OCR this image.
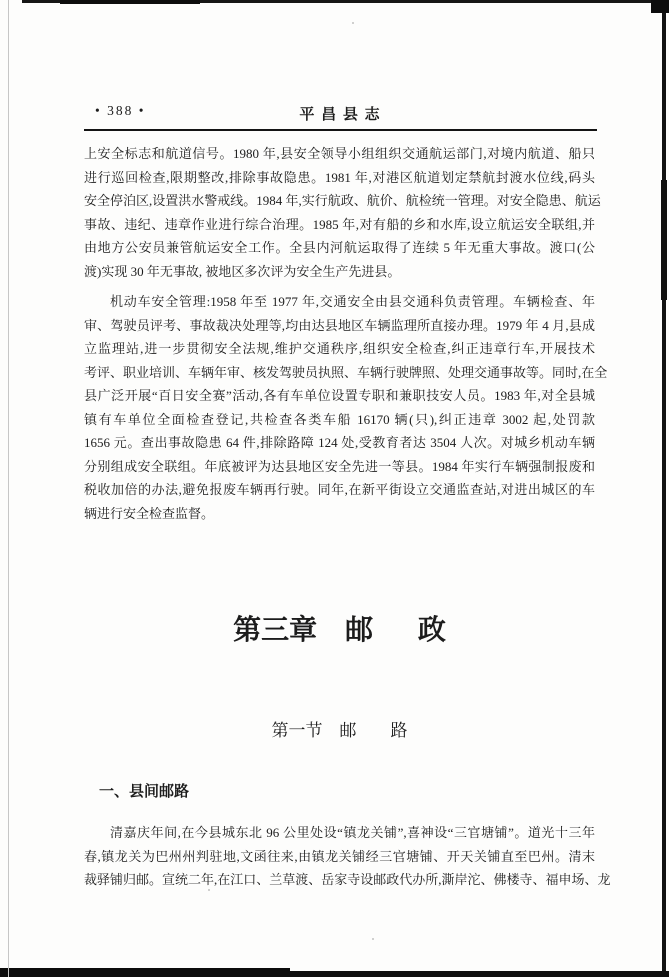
• 388 •	平昌县志
上安全标志和航道信号。1980 年,县安全领导小组组织交通航运部门,对境内航道、船只
进行巡回检查,限期整改,排除事故隐患。1981 年,对港区航道划定禁航封渡水位线,码头
安全停泊区,设置洪水警戒线。1984 年,实行航政、航价、航检统一管理。对安全隐患、航运
事故、违纪、违章作业进行综合治理。1985 年,对有船的乡和水库,设立航运安全联组,并
由地方公安员兼管航运安全工作。全县内河航运取得了连续 5 年无重大事故。渡口(公
渡)实现 30 年无事故, 被地区多次评为安全生产先进县。
机动车安全管理:1958 年至 1977 年,交通安全由县交通科负责管理。车辆检查、年
审、驾驶员评考、事故裁决处理等,均由达县地区车辆监理所直接办理。1979 年 4 月,县成
立监理站,进一步贯彻安全法规,维护交通秩序,组织安全检查,纠正违章行车,开展技术
考评、职业培训、车辆年审、核发驾驶员执照、车辆行驶牌照、处理交通事故等。同时,在全
县广泛开展“百日安全赛”活动,各有车单位设置专职和兼职技安人员。1983 年,对全县城
镇有车单位全面检查登记,共检查各类车船 16170 辆(只),纠正违章 3002 起,处罚款
1656 元。查出事故隐患 64 件,排除路障 124 处,受教育者达 3504 人次。对城乡机动车辆
分别组成安全联组。年底被评为达县地区安全先进一等县。1984 年实行车辆强制报废和
税收加倍的办法,避免报废车辆再行驶。同年,在新平街设立交通监查站,对进出城区的车
辆进行安全检查监督。
第三章 邮政
第一节 邮路
一、县间邮路
清嘉庆年间,在今县城东北 96 公里处设“镇龙关铺”,喜神设“三官塘铺”。道光十三年
春,镇龙关为巴州州判驻地,文函往来,由镇龙关铺经三官塘铺、开天关铺直至巴州。清末
裁驿铺归邮。宣统二年,在江口、兰草渡、岳家寺设邮政代办所,澌岸沱、佛楼寺、福申场、龙
